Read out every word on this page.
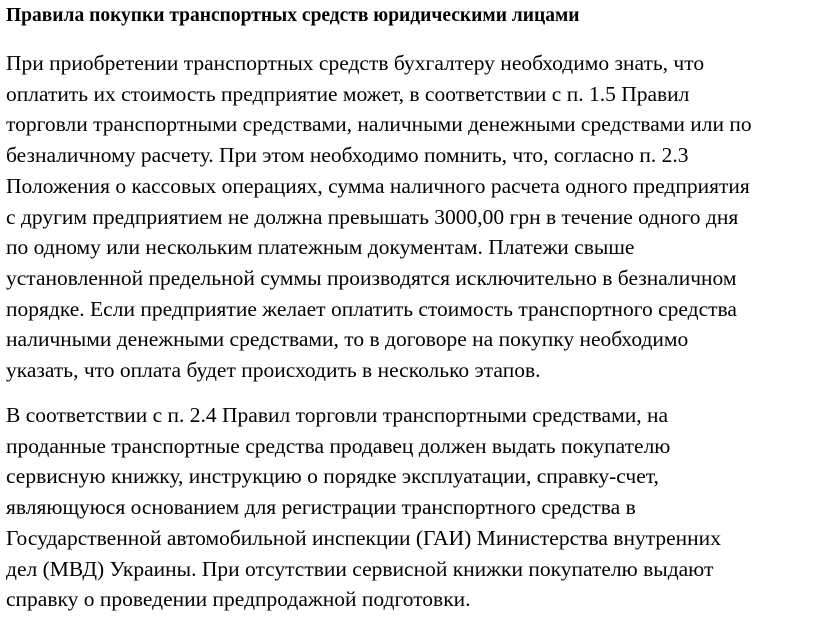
Правила покупки транспортных средств юридическими лицами

При приобретении транспортных средств бухгалтеру необходимо знать, что
оплатить их стоимость предприятие может, в соответствии с п. 1.5 Правил
торговли транспортными средствами, наличными денежными средствами или по
безналичному расчету. При этом необходимо помнить, что, согласно п. 2.3
Положения о кассовых операциях, сумма наличного расчета одного предприятия
с другим предприятием не должна превышать 3000,00 грн в течение одного дня
по одному или нескольким платежным документам. Платежи свыше
установленной предельной суммы производятся исключительно в безналичном
порядке. Если предприятие желает оплатить стоимость транспортного средства
наличными денежными средствами, то в договоре на покупку необходимо
указать, что оплата будет происходить в несколько этапов.

В соответствии с п. 2.4 Правил торговли транспортными средствами, на
проданные транспортные средства продавец должен выдать покупателю
сервисную книжку, инструкцию о порядке эксплуатации, справку-счет,
являющуюся основанием для регистрации транспортного средства в
Государственной автомобильной инспекции (ГАИ) Министерства внутренних
дел (МВД) Украины. При отсутствии сервисной книжки покупателю выдают
справку о проведении предпродажной подготовки.
